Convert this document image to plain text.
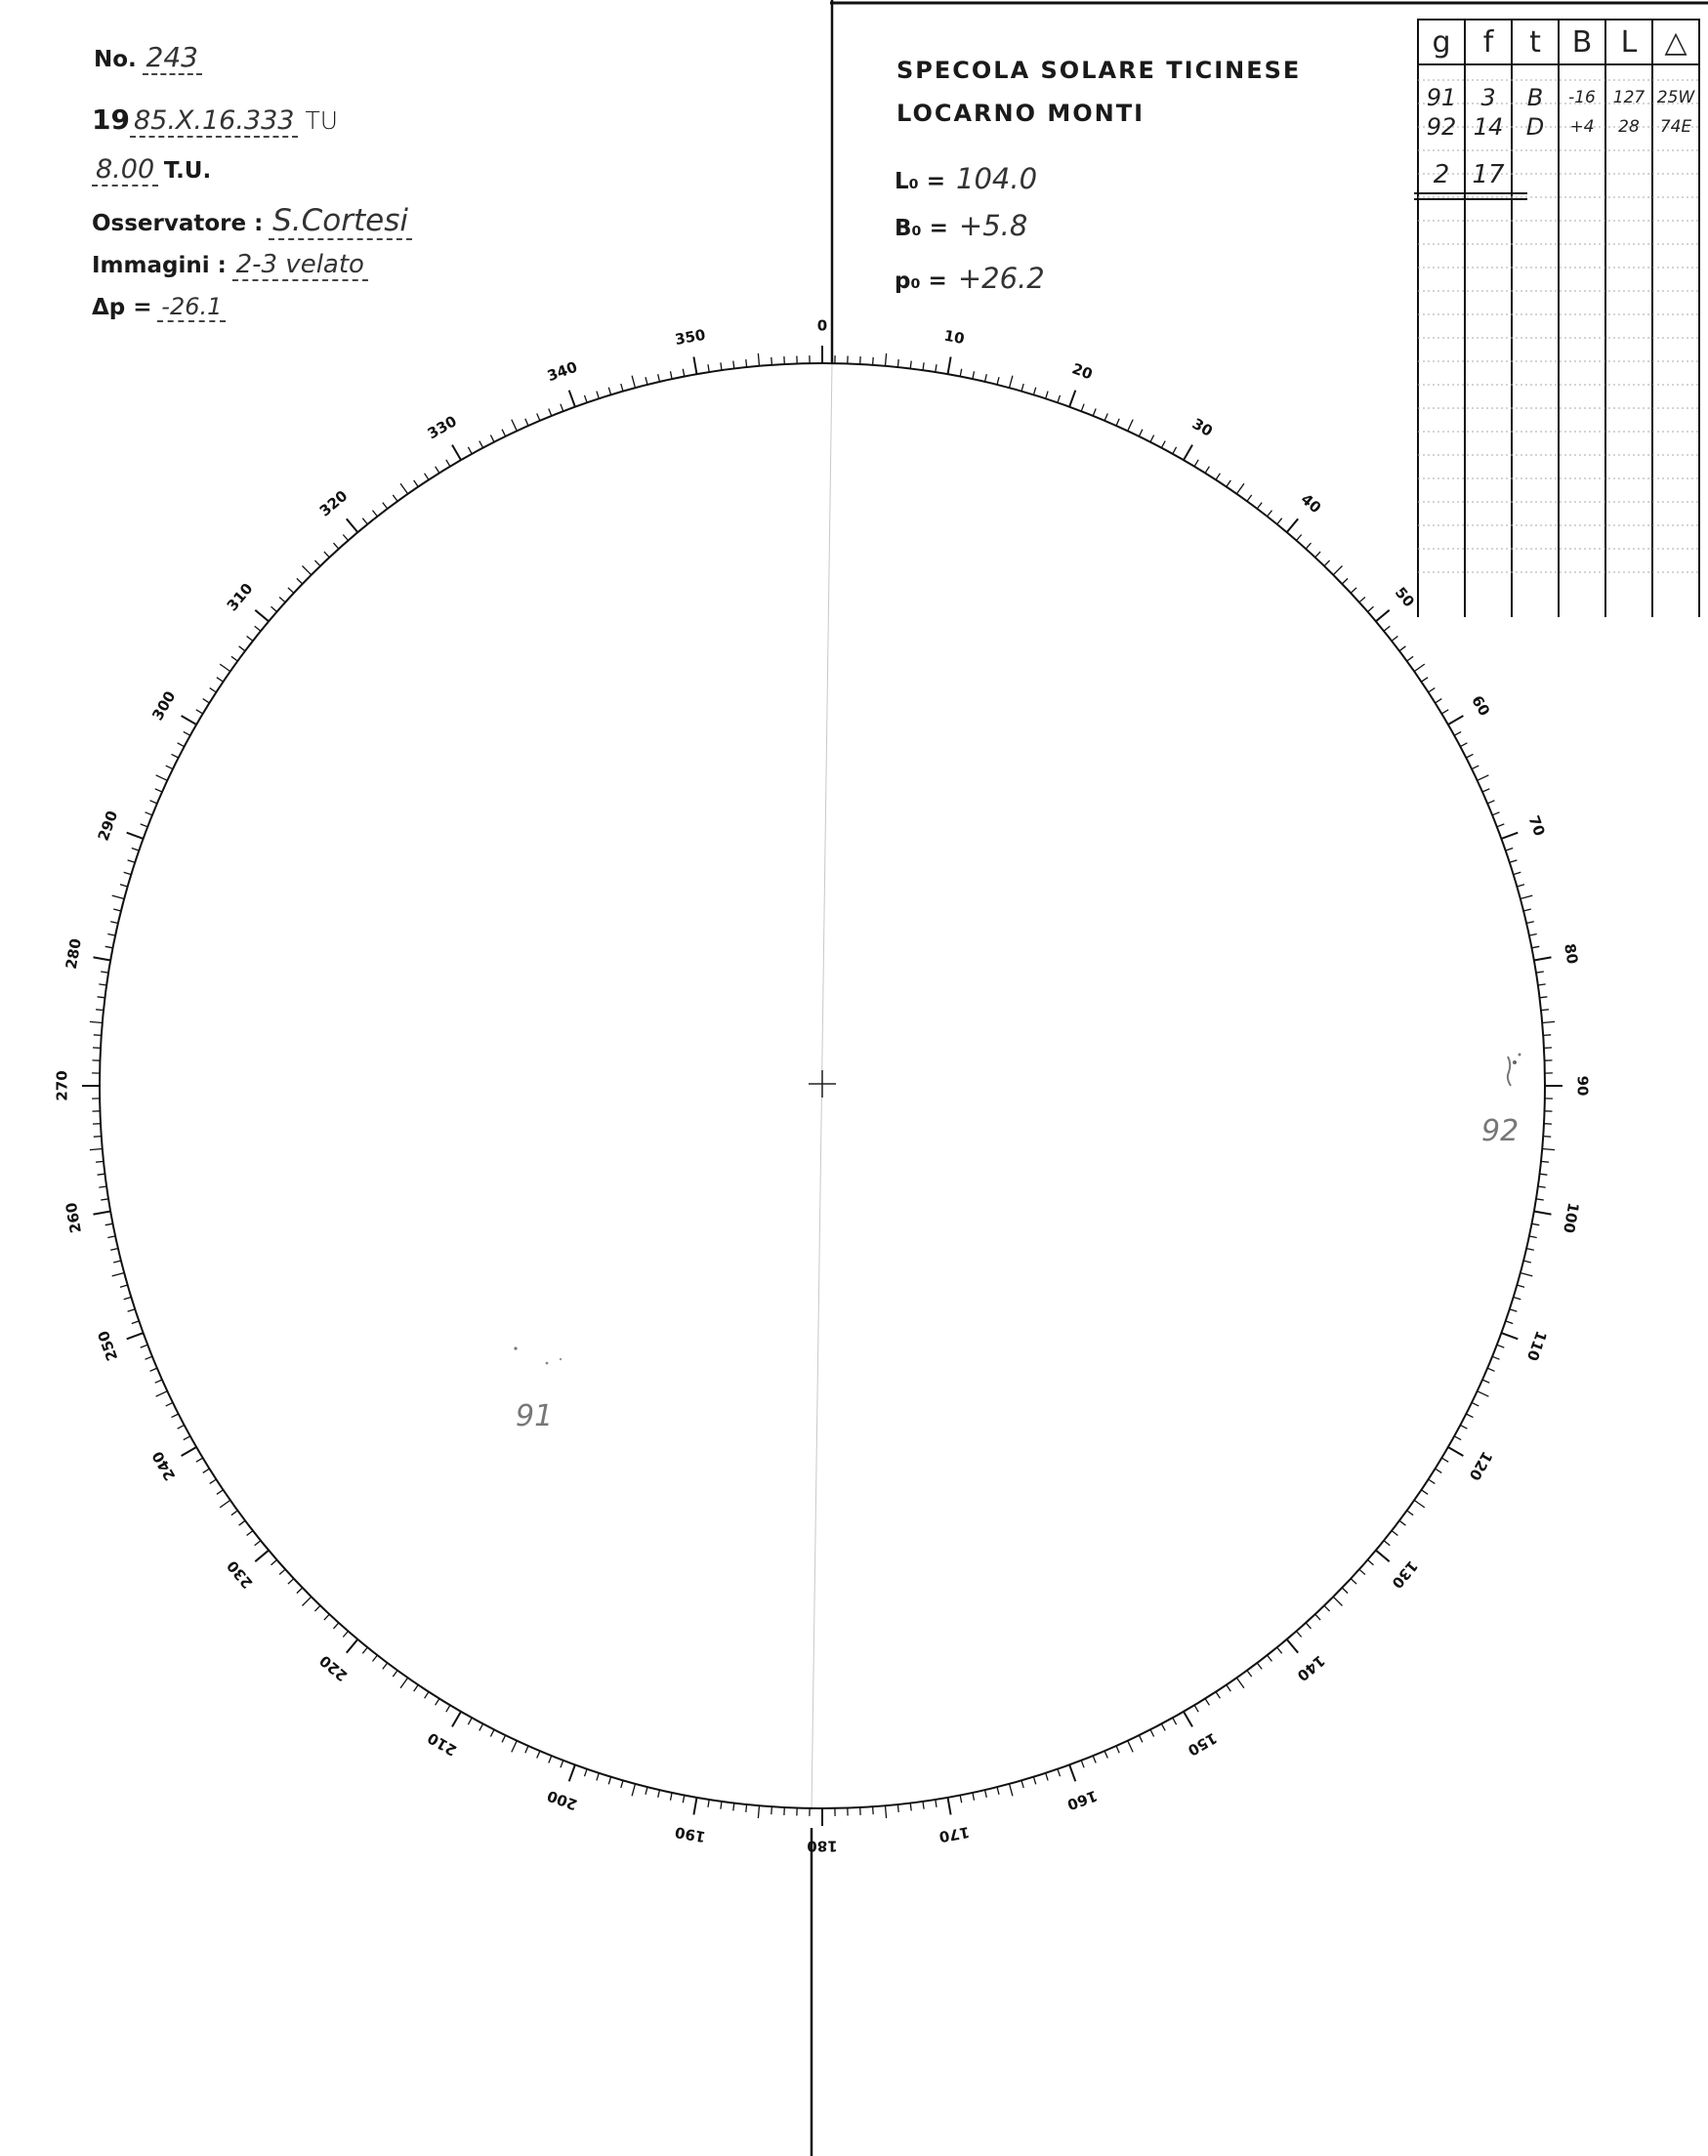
No. 243
19 85.X.16.333 TU
8.00 T.U.
Osservatore : S.Cortesi
Immagini : 2-3 velato
Δp = -26.1
SPECOLA SOLARE TICINESE
LOCARNO MONTI
L₀ = 104.0
B₀ = +5.8
p₀ = +26.2
0
10
20
30
40
50
60
70
80
90
100
110
120
130
140
150
160
170
180
190
200
210
220
230
240
250
260
270
280
290
300
310
320
330
340
350
92
91
g	f	t	B L △
91	3	B	-16	127 25W
92 14 D	+4	28	74E
2 17
